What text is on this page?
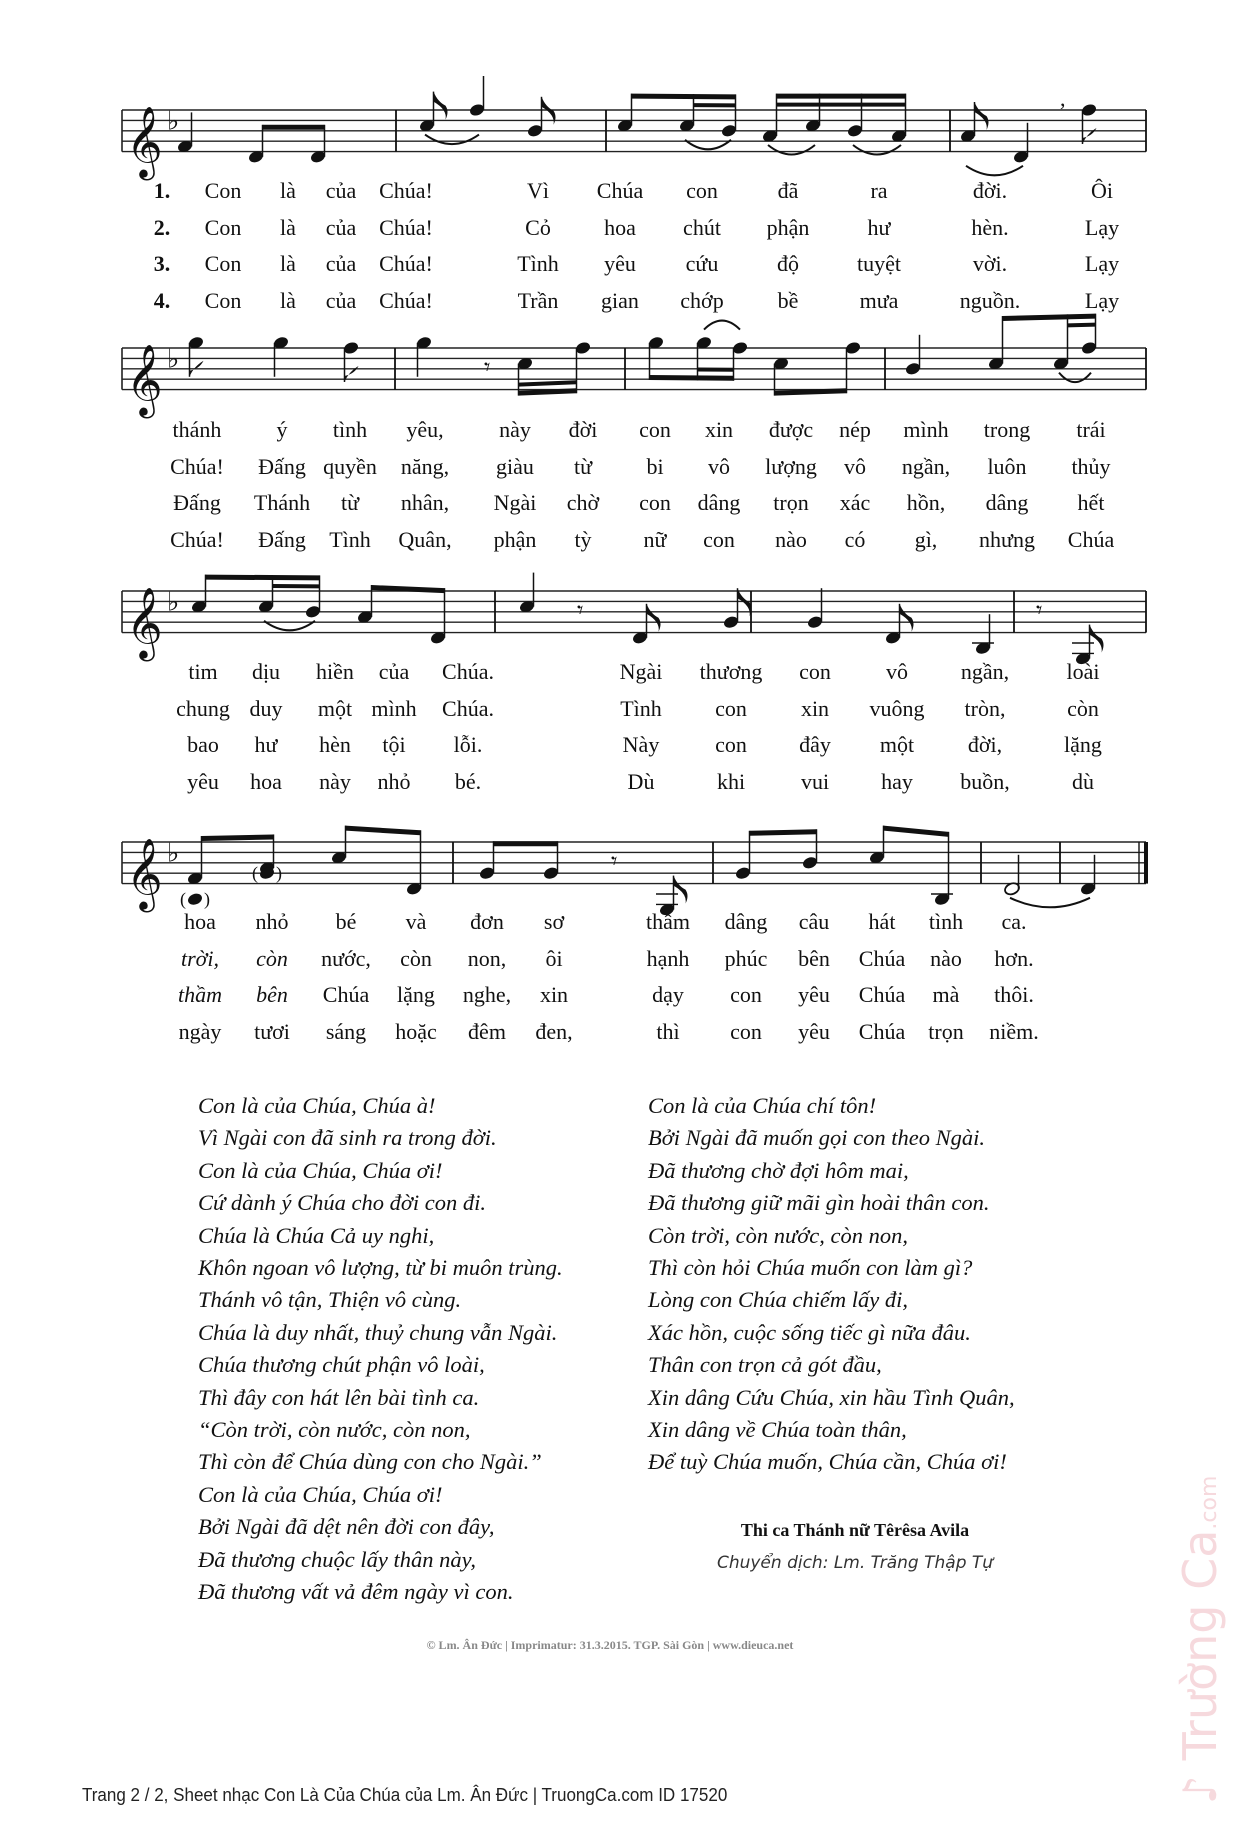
𝄞 ♭
,
1. Con là của Chúa!	Vì Chúa con	đã	ra	đời.	Ôi
2. Con là của Chúa!	Cỏ hoa chút phận	hư	hèn.	Lạy
3. Con là của Chúa!	Tình yêu cứu	độ	tuyệt	vời.	Lạy
4. Con là của Chúa!	Trần gian chớp bề	mưa	nguồn.	Lạy
𝄞 ♭	𝄾
thánh	ý tình yêu,	này đời con xin được nép mình trong trái
Chúa! Đấng quyền năng, giàu từ bi vô lượng vô ngần, luôn thủy
Đấng Thánh từ nhân, Ngài chờ con dâng trọn xác hồn, dâng hết
Chúa! Đấng Tình Quân, phận tỳ nữ con nào có gì, nhưng Chúa
𝄞 ♭	𝄾	𝄾
tim dịu hiền của Chúa.	Ngài thương con	vô ngần,	loài
chung duy một mình Chúa.	Tình con xin vuông tròn,	còn
bao hư hèn tội lỗi.	Này	con đây một đời,	lặng
yêu hoa này nhỏ bé.	Dù	khi	vui hay buồn,	dù
𝄞 ♭
( )
( )	𝄾
hoa nhỏ bé và đơn sơ	thầm dâng câu hát tình ca.
trời, còn nước, còn non, ôi	hạnh phúc bên Chúa nào hơn.
thầm bên Chúa lặng nghe, xin	dạy con yêu Chúa mà thôi.
ngày tươi sáng hoặc đêm đen,	thì con yêu Chúa trọn niềm.
Con là của Chúa, Chúa à!
Vì Ngài con đã sinh ra trong đời.
Con là của Chúa, Chúa ơi!
Cứ dành ý Chúa cho đời con đi.
Chúa là Chúa Cả uy nghi,
Khôn ngoan vô lượng, từ bi muôn trùng.
Thánh vô tận, Thiện vô cùng.
Chúa là duy nhất, thuỷ chung vẫn Ngài.
Chúa thương chút phận vô loài,
Thì đây con hát lên bài tình ca.
“Còn trời, còn nước, còn non,
Thì còn để Chúa dùng con cho Ngài.”
Con là của Chúa, Chúa ơi!
Bởi Ngài đã dệt nên đời con đây,
Đã thương chuộc lấy thân này,
Đã thương vất vả đêm ngày vì con.
Con là của Chúa chí tôn!
Bởi Ngài đã muốn gọi con theo Ngài.
Đã thương chờ đợi hôm mai,
Đã thương giữ mãi gìn hoài thân con.
Còn trời, còn nước, còn non,
Thì còn hỏi Chúa muốn con làm gì?
Lòng con Chúa chiếm lấy đi,
Xác hồn, cuộc sống tiếc gì nữa đâu.
Thân con trọn cả gót đầu,
Xin dâng Cứu Chúa, xin hầu Tình Quân,
Xin dâng về Chúa toàn thân,
Để tuỳ Chúa muốn, Chúa cần, Chúa ơi!
Thi ca Thánh nữ Têrêsa Avila
Chuyển dịch: Lm. Trăng Thập Tự
© Lm. Ân Đức | Imprimatur: 31.3.2015. TGP. Sài Gòn | www.dieuca.net
Trang 2 / 2, Sheet nhạc Con Là Của Chúa của Lm. Ân Đức | TruongCa.com ID 17520	♪ Trường Ca.com
